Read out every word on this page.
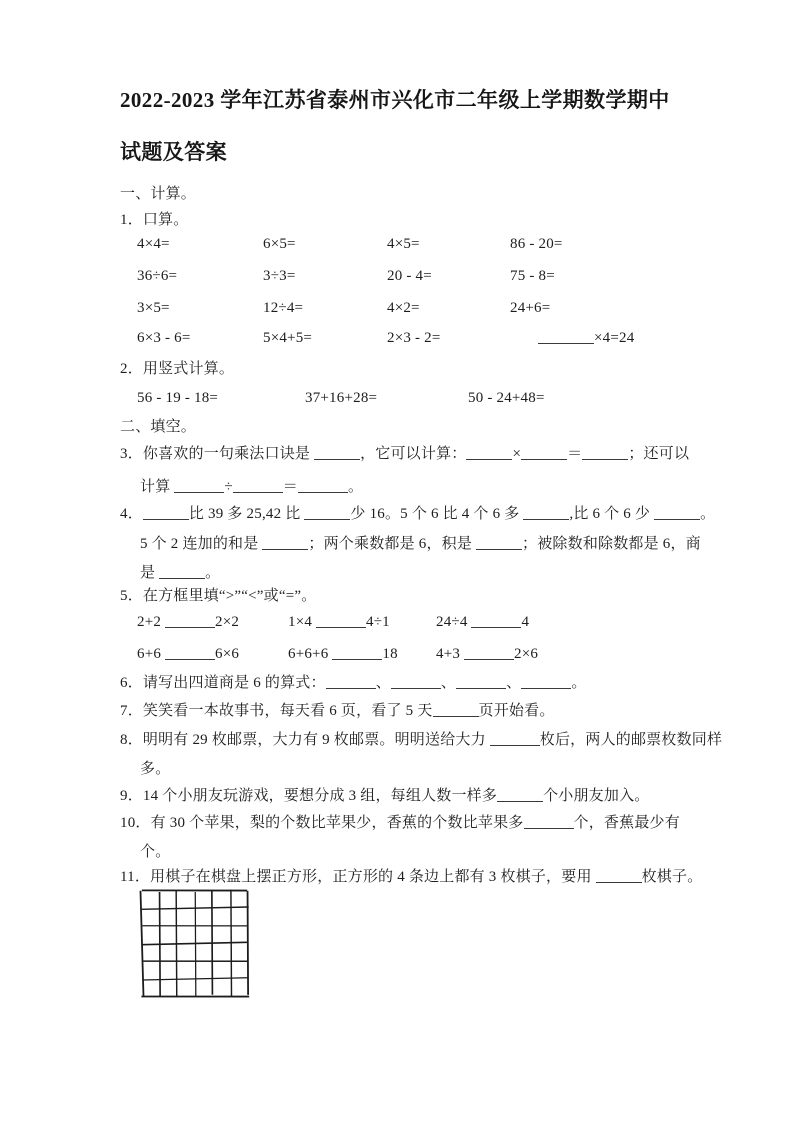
2022-2023 学年江苏省泰州市兴化市二年级上学期数学期中
试题及答案
一、计算。
1．口算。
4×4=	6×5=	4×5=	86 - 20=
36÷6=	3÷3=	20 - 4=	75 - 8=
3×5=	12÷4=	4×2=	24+6=
6×3 - 6=	5×4+5=	2×3 - 2=	×4=24
2．用竖式计算。
56 - 19 - 18=	37+16+28=	50 - 24+48=
二、填空。
3．你喜欢的一句乘法口诀是	，它可以计算：	×	＝	；还可以
计算	÷	＝	。
4．	比 39 多 25,42 比	少 16。5 个 6 比 4 个 6 多	,比 6 个 6 少	。
5 个 2 连加的和是	；两个乘数都是 6，积是	；被除数和除数都是 6，商
是	。
5．在方框里填“>”“<”或“=”。
2+2	2×2	1×4	4÷1	24÷4	4
6+6	6×6	6+6+6	18	4+3	2×6
6．请写出四道商是 6 的算式：	、	、	、	。
7．笑笑看一本故事书，每天看 6 页，看了 5 天	页开始看。
8．明明有 29 枚邮票，大力有 9 枚邮票。明明送给大力	枚后，两人的邮票枚数同样
多。
9．14 个小朋友玩游戏，要想分成 3 组，每组人数一样多	个小朋友加入。
10．有 30 个苹果，梨的个数比苹果少，香蕉的个数比苹果多	个，香蕉最少有
个。
11．用棋子在棋盘上摆正方形，正方形的 4 条边上都有 3 枚棋子，要用	枚棋子。
